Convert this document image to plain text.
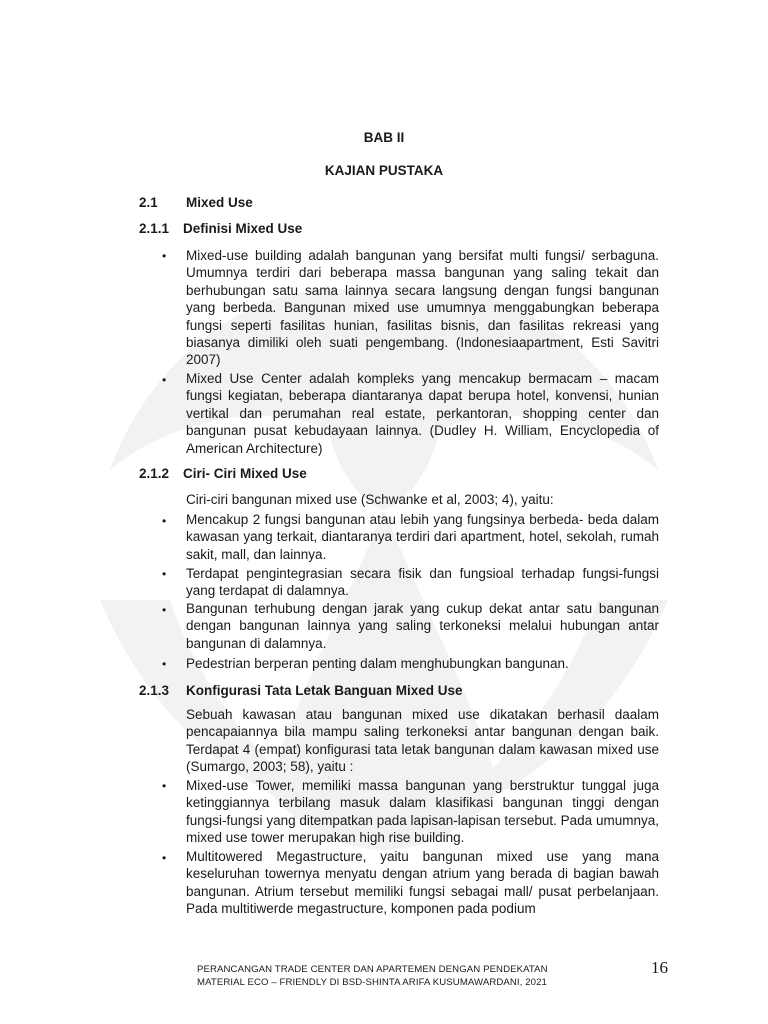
BAB II
KAJIAN PUSTAKA
2.1 Mixed Use
2.1.1 Definisi Mixed Use
• Mixed-use building adalah bangunan yang bersifat multi fungsi/ serbaguna. Umumnya terdiri dari beberapa massa bangunan yang saling tekait dan berhubungan satu sama lainnya secara langsung dengan fungsi bangunan yang berbeda. Bangunan mixed use umumnya menggabungkan beberapa fungsi seperti fasilitas hunian, fasilitas bisnis, dan fasilitas rekreasi yang biasanya dimiliki oleh suati pengembang. (Indonesiaapartment, Esti Savitri 2007)

• Mixed Use Center adalah kompleks yang mencakup bermacam – macam fungsi kegiatan, beberapa diantaranya dapat berupa hotel, konvensi, hunian vertikal dan perumahan real estate, perkantoran, shopping center dan bangunan pusat kebudayaan lainnya. (Dudley H. William, Encyclopedia of American Architecture)

2.1.2 Ciri- Ciri Mixed Use
Ciri-ciri bangunan mixed use (Schwanke et al, 2003; 4), yaitu:
• Mencakup 2 fungsi bangunan atau lebih yang fungsinya berbeda- beda dalam kawasan yang terkait, diantaranya terdiri dari apartment, hotel, sekolah, rumah sakit, mall, dan lainnya.

• Terdapat pengintegrasian secara fisik dan fungsioal terhadap fungsi-fungsi yang terdapat di dalamnya.

• Bangunan terhubung dengan jarak yang cukup dekat antar satu bangunan dengan bangunan lainnya yang saling terkoneksi melalui hubungan antar bangunan di dalamnya.

• Pedestrian berperan penting dalam menghubungkan bangunan.

2.1.3 Konfigurasi Tata Letak Banguan Mixed Use

Sebuah kawasan atau bangunan mixed use dikatakan berhasil daalam pencapaiannya bila mampu saling terkoneksi antar bangunan dengan baik. Terdapat 4 (empat) konfigurasi tata letak bangunan dalam kawasan mixed use (Sumargo, 2003; 58), yaitu :

• Mixed-use Tower, memiliki massa bangunan yang berstruktur tunggal juga ketinggiannya terbilang masuk dalam klasifikasi bangunan tinggi dengan fungsi-fungsi yang ditempatkan pada lapisan-lapisan tersebut. Pada umumnya, mixed use tower merupakan high rise building.

• Multitowered Megastructure, yaitu bangunan mixed use yang mana keseluruhan towernya menyatu dengan atrium yang berada di bagian bawah bangunan. Atrium tersebut memiliki fungsi sebagai mall/ pusat perbelanjaan. Pada multitiwerde megastructure, komponen pada podium

PERANCANGAN TRADE CENTER DAN APARTEMEN DENGAN PENDEKATAN
MATERIAL ECO – FRIENDLY DI BSD-SHINTA ARIFA KUSUMAWARDANI, 2021
16
